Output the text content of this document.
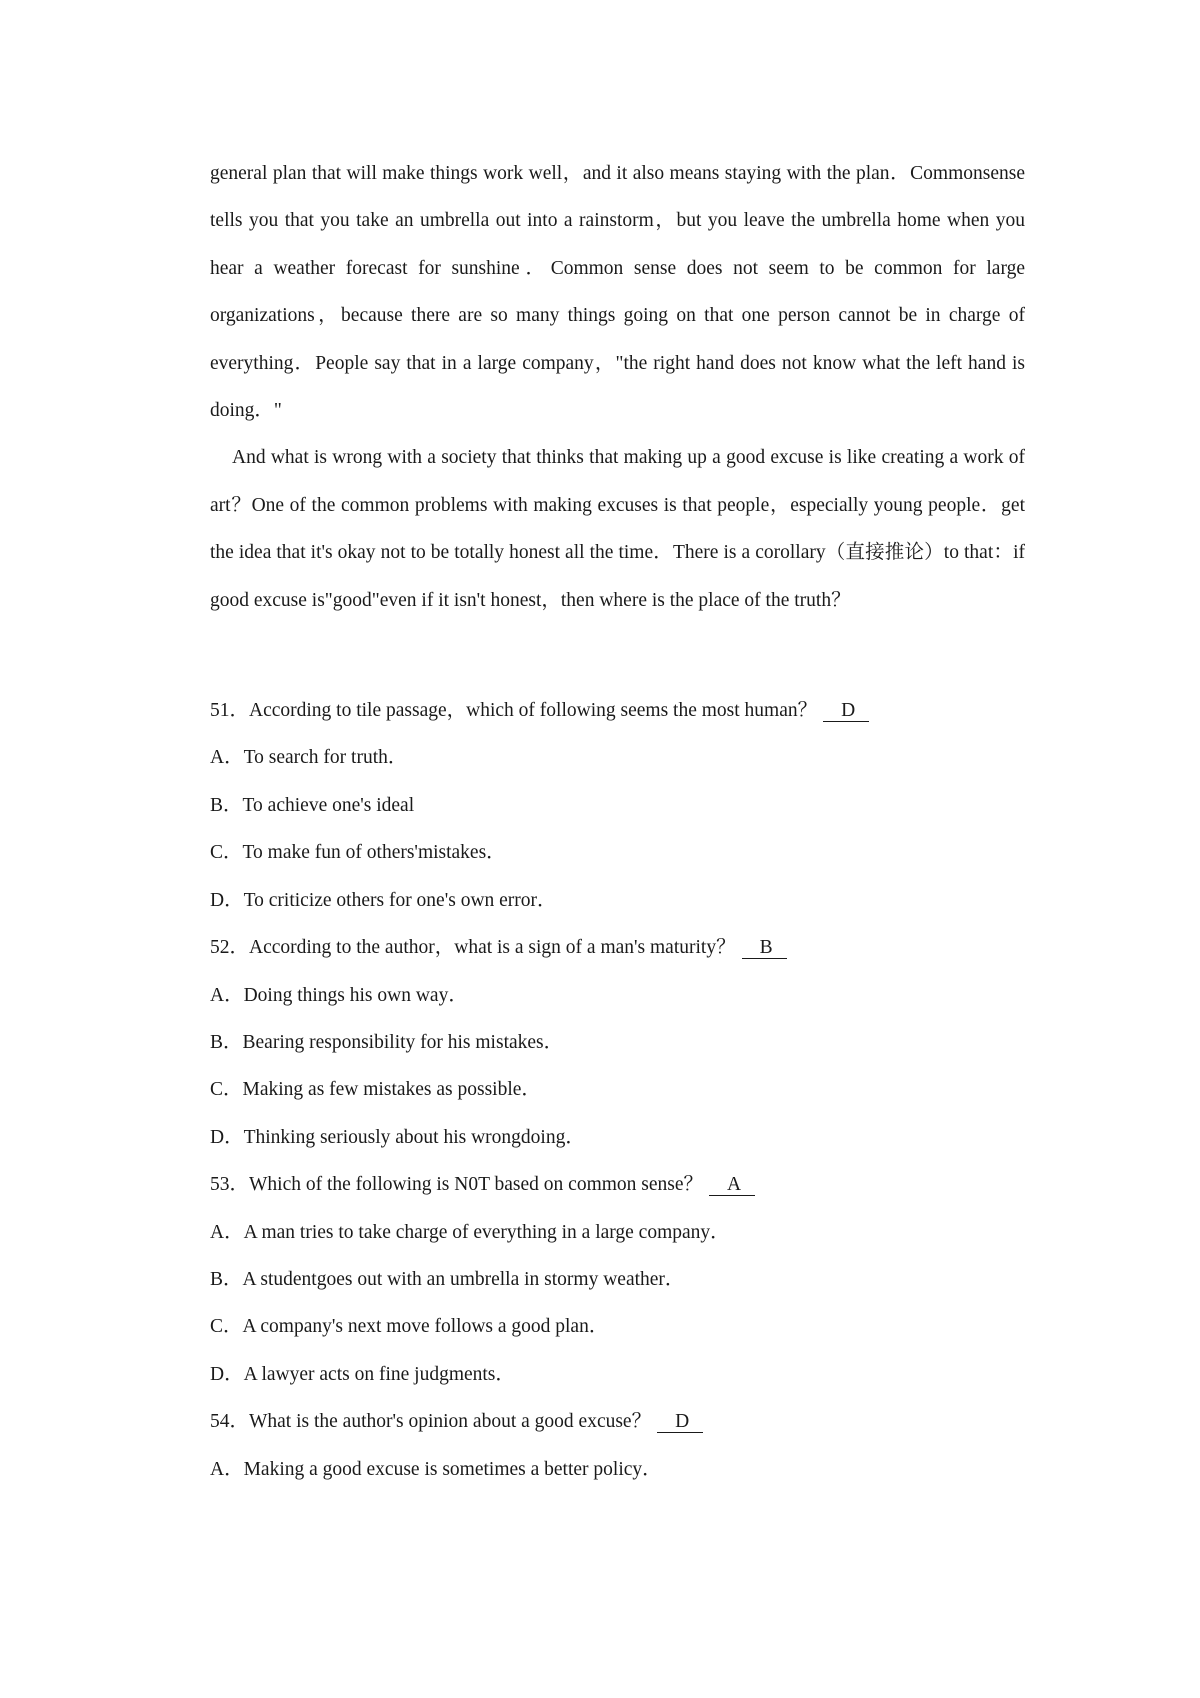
general plan that will make things work well，and it also means staying with the plan．Commonsense tells you that you take an umbrella out into a rainstorm，but you leave the umbrella home when you hear a weather forecast for sunshine．Common sense does not seem to be common for large organizations，because there are so many things going on that one person cannot be in charge of everything．People say that in a large company，"the right hand does not know what the left hand is doing．"

And what is wrong with a society that thinks that making up a good excuse is like creating a work of art？One of the common problems with making excuses is that people，especially young people．get the idea that it's okay not to be totally honest all the time．There is a corollary（直接推论）to that：if good excuse is"good"even if it isn't honest，then where is the place of the truth？

51．According to tile passage，which of following seems the most human？ D

A．To search for truth．

B．To achieve one's ideal

C．To make fun of others'mistakes．

D．To criticize others for one's own error．

52．According to the author，what is a sign of a man's maturity？ B

A．Doing things his own way．

B．Bearing responsibility for his mistakes．

C．Making as few mistakes as possible．

D．Thinking seriously about his wrongdoing．

53．Which of the following is N0T based on common sense？ A

A．A man tries to take charge of everything in a large company．

B．A studentgoes out with an umbrella in stormy weather．

C．A company's next move follows a good plan．

D．A lawyer acts on fine judgments．

54．What is the author's opinion about a good excuse？ D

A．Making a good excuse is sometimes a better policy．
